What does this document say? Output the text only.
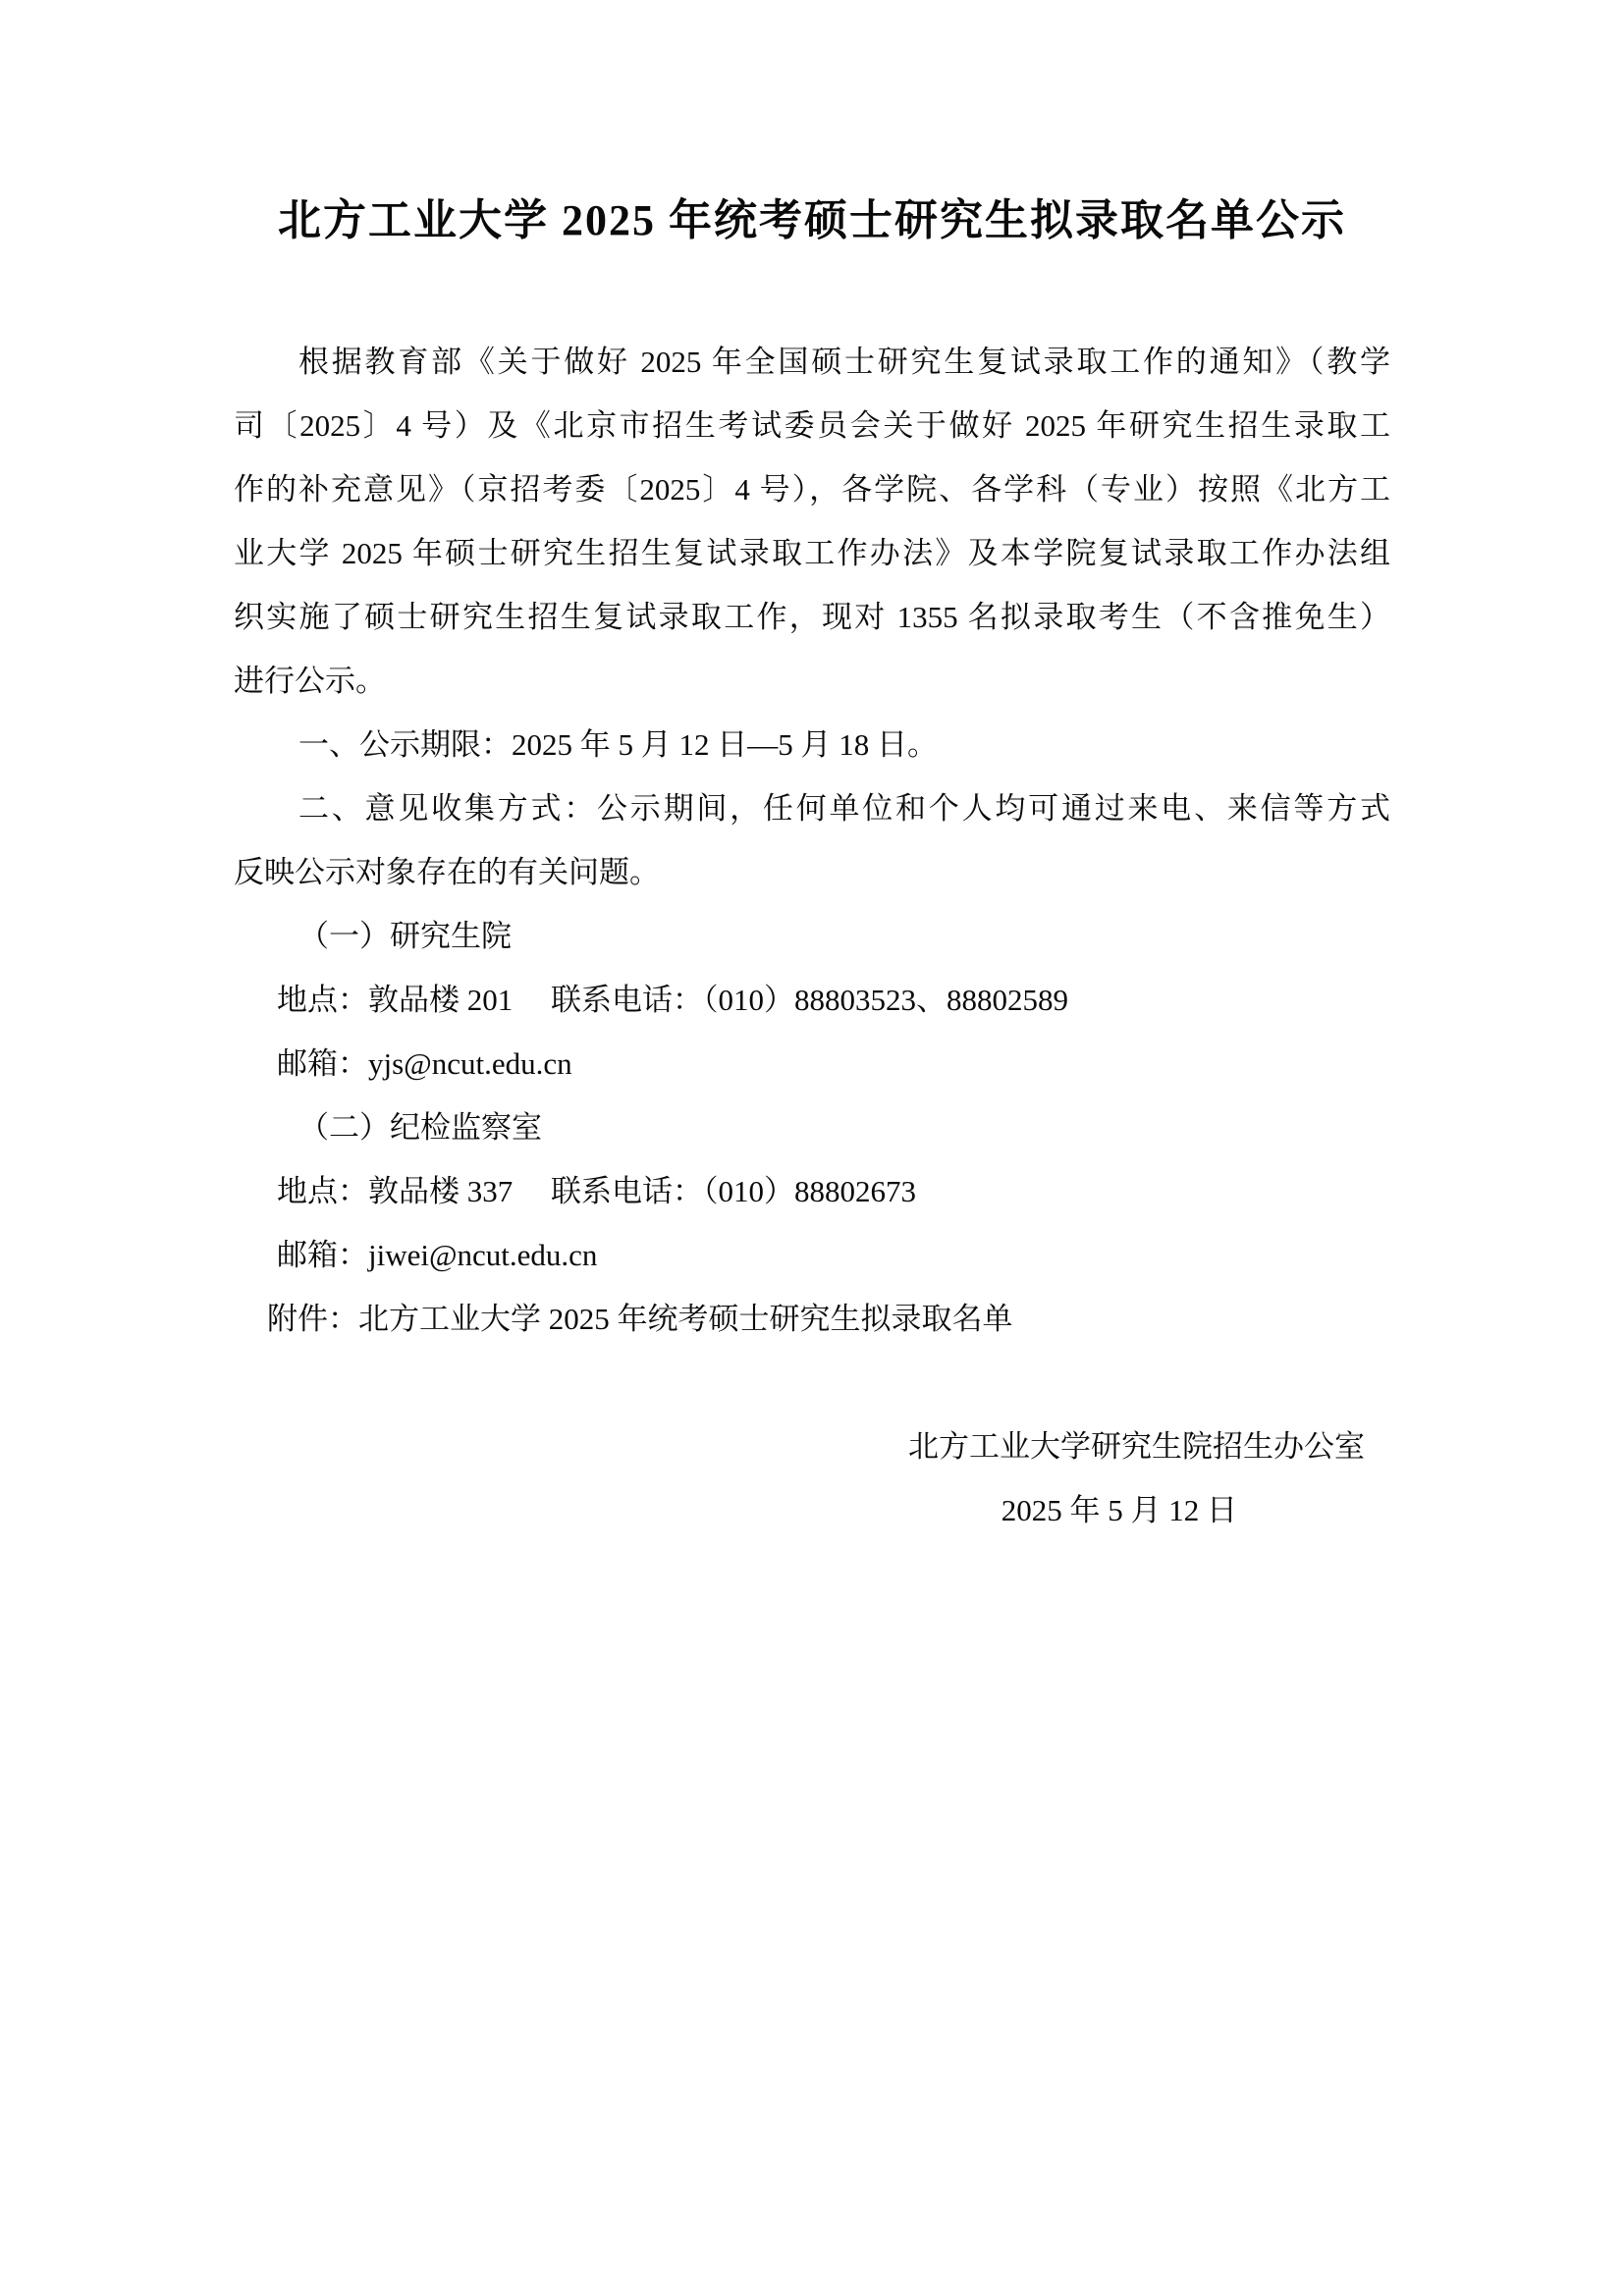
北方工业大学 2025 年统考硕士研究生拟录取名单公示
根据教育部《关于做好 2025 年全国硕士研究生复试录取工作的通知》（教学
司〔2025〕4 号）及《北京市招生考试委员会关于做好 2025 年研究生招生录取工
作的补充意见》（京招考委〔2025〕4 号），各学院、各学科（专业）按照《北方工
业大学 2025 年硕士研究生招生复试录取工作办法》及本学院复试录取工作办法组
织实施了硕士研究生招生复试录取工作，现对 1355 名拟录取考生（不含推免生）
进行公示。
一、公示期限：2025 年 5 月 12 日—5 月 18 日。
二、意见收集方式：公示期间，任何单位和个人均可通过来电、来信等方式
反映公示对象存在的有关问题。
（一）研究生院
地点：敦品楼 201　 联系电话：（010）88803523、88802589
邮箱：yjs@ncut.edu.cn
（二）纪检监察室
地点：敦品楼 337　 联系电话：（010）88802673
邮箱：jiwei@ncut.edu.cn
附件：北方工业大学 2025 年统考硕士研究生拟录取名单
北方工业大学研究生院招生办公室
2025 年 5 月 12 日
